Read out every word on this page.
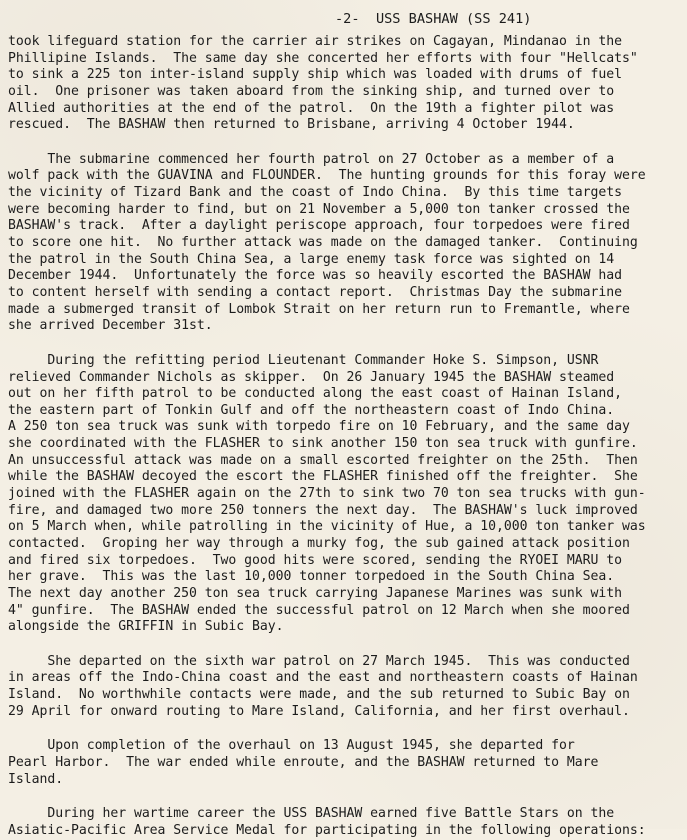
-2- USS BASHAW (SS 241)
took lifeguard station for the carrier air strikes on Cagayan, Mindanao in the
Phillipine Islands.  The same day she concerted her efforts with four "Hellcats"
to sink a 225 ton inter-island supply ship which was loaded with drums of fuel
oil.  One prisoner was taken aboard from the sinking ship, and turned over to
Allied authorities at the end of the patrol.  On the 19th a fighter pilot was
rescued.  The BASHAW then returned to Brisbane, arriving 4 October 1944.
The submarine commenced her fourth patrol on 27 October as a member of a
wolf pack with the GUAVINA and FLOUNDER.  The hunting grounds for this foray were
the vicinity of Tizard Bank and the coast of Indo China.  By this time targets
were becoming harder to find, but on 21 November a 5,000 ton tanker crossed the
BASHAW's track.  After a daylight periscope approach, four torpedoes were fired
to score one hit.  No further attack was made on the damaged tanker.  Continuing
the patrol in the South China Sea, a large enemy task force was sighted on 14
December 1944.  Unfortunately the force was so heavily escorted the BASHAW had
to content herself with sending a contact report.  Christmas Day the submarine
made a submerged transit of Lombok Strait on her return run to Fremantle, where
she arrived December 31st.
During the refitting period Lieutenant Commander Hoke S. Simpson, USNR
relieved Commander Nichols as skipper.  On 26 January 1945 the BASHAW steamed
out on her fifth patrol to be conducted along the east coast of Hainan Island,
the eastern part of Tonkin Gulf and off the northeastern coast of Indo China.
A 250 ton sea truck was sunk with torpedo fire on 10 February, and the same day
she coordinated with the FLASHER to sink another 150 ton sea truck with gunfire.
An unsuccessful attack was made on a small escorted freighter on the 25th.  Then
while the BASHAW decoyed the escort the FLASHER finished off the freighter.  She
joined with the FLASHER again on the 27th to sink two 70 ton sea trucks with gun-
fire, and damaged two more 250 tonners the next day.  The BASHAW's luck improved
on 5 March when, while patrolling in the vicinity of Hue, a 10,000 ton tanker was
contacted.  Groping her way through a murky fog, the sub gained attack position
and fired six torpedoes.  Two good hits were scored, sending the RYOEI MARU to
her grave.  This was the last 10,000 tonner torpedoed in the South China Sea.
The next day another 250 ton sea truck carrying Japanese Marines was sunk with
4" gunfire.  The BASHAW ended the successful patrol on 12 March when she moored
alongside the GRIFFIN in Subic Bay.
She departed on the sixth war patrol on 27 March 1945.  This was conducted
in areas off the Indo-China coast and the east and northeastern coasts of Hainan
Island.  No worthwhile contacts were made, and the sub returned to Subic Bay on
29 April for onward routing to Mare Island, California, and her first overhaul.
Upon completion of the overhaul on 13 August 1945, she departed for
Pearl Harbor.  The war ended while enroute, and the BASHAW returned to Mare
Island.
During her wartime career the USS BASHAW earned five Battle Stars on the
Asiatic-Pacific Area Service Medal for participating in the following operations:
